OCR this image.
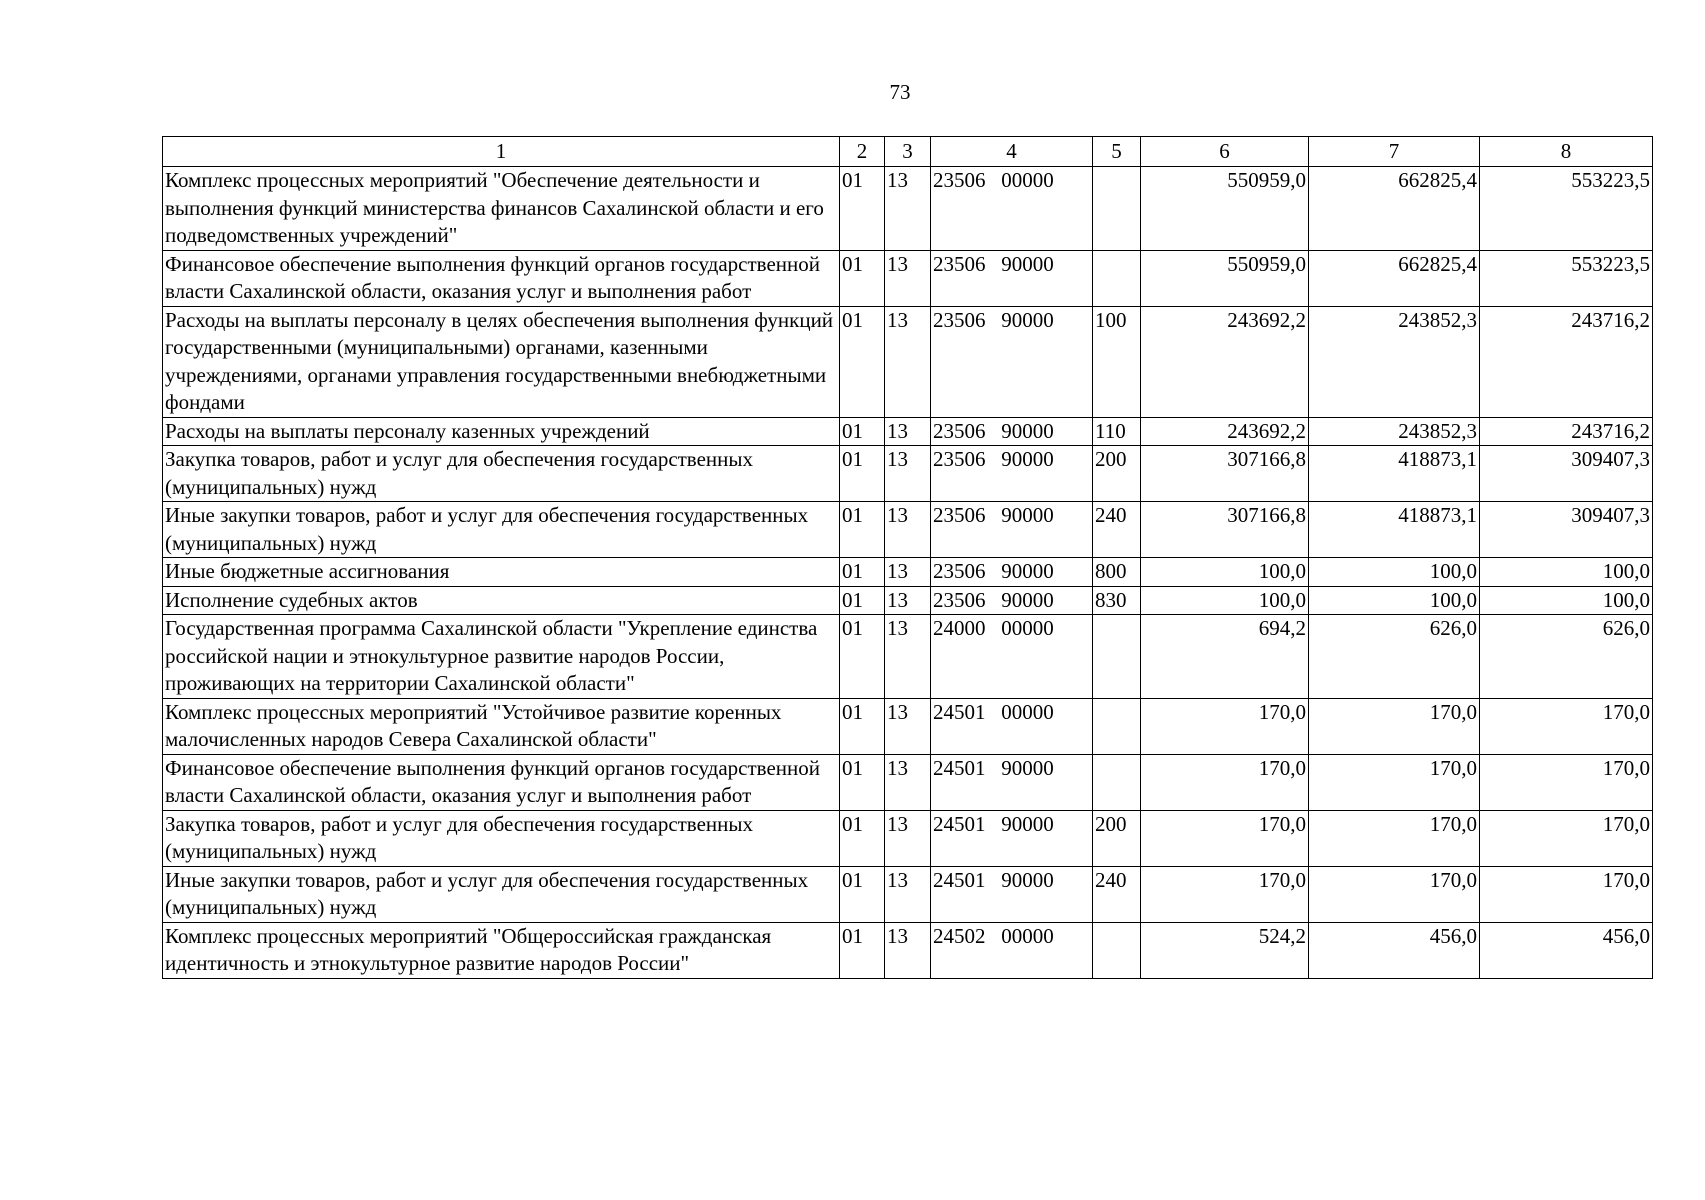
73
1	2	3	4	5	6	7	8
Комплекс процессных мероприятий "Обеспечение деятельности и выполнения функций министерства финансов Сахалинской области и его подведомственных учреждений"	01	13	23506 00000		550959,0	662825,4	553223,5
Финансовое обеспечение выполнения функций органов государственной власти Сахалинской области, оказания услуг и выполнения работ	01	13	23506 90000		550959,0	662825,4	553223,5
Расходы на выплаты персоналу в целях обеспечения выполнения функций государственными (муниципальными) органами, казенными учреждениями, органами управления государственными внебюджетными фондами	01	13	23506 90000	100	243692,2	243852,3	243716,2
Расходы на выплаты персоналу казенных учреждений	01	13	23506 90000	110	243692,2	243852,3	243716,2
Закупка товаров, работ и услуг для обеспечения государственных (муниципальных) нужд	01	13	23506 90000	200	307166,8	418873,1	309407,3
Иные закупки товаров, работ и услуг для обеспечения государственных (муниципальных) нужд	01	13	23506 90000	240	307166,8	418873,1	309407,3
Иные бюджетные ассигнования	01	13	23506 90000	800	100,0	100,0	100,0
Исполнение судебных актов	01	13	23506 90000	830	100,0	100,0	100,0
Государственная программа Сахалинской области "Укрепление единства российской нации и этнокультурное развитие народов России, проживающих на территории Сахалинской области"	01	13	24000 00000		694,2	626,0	626,0
Комплекс процессных мероприятий "Устойчивое развитие коренных малочисленных народов Севера Сахалинской области"	01	13	24501 00000		170,0	170,0	170,0
Финансовое обеспечение выполнения функций органов государственной власти Сахалинской области, оказания услуг и выполнения работ	01	13	24501 90000		170,0	170,0	170,0
Закупка товаров, работ и услуг для обеспечения государственных (муниципальных) нужд	01	13	24501 90000	200	170,0	170,0	170,0
Иные закупки товаров, работ и услуг для обеспечения государственных (муниципальных) нужд	01	13	24501 90000	240	170,0	170,0	170,0
Комплекс процессных мероприятий "Общероссийская гражданская идентичность и этнокультурное развитие народов России"	01	13	24502 00000		524,2	456,0	456,0
